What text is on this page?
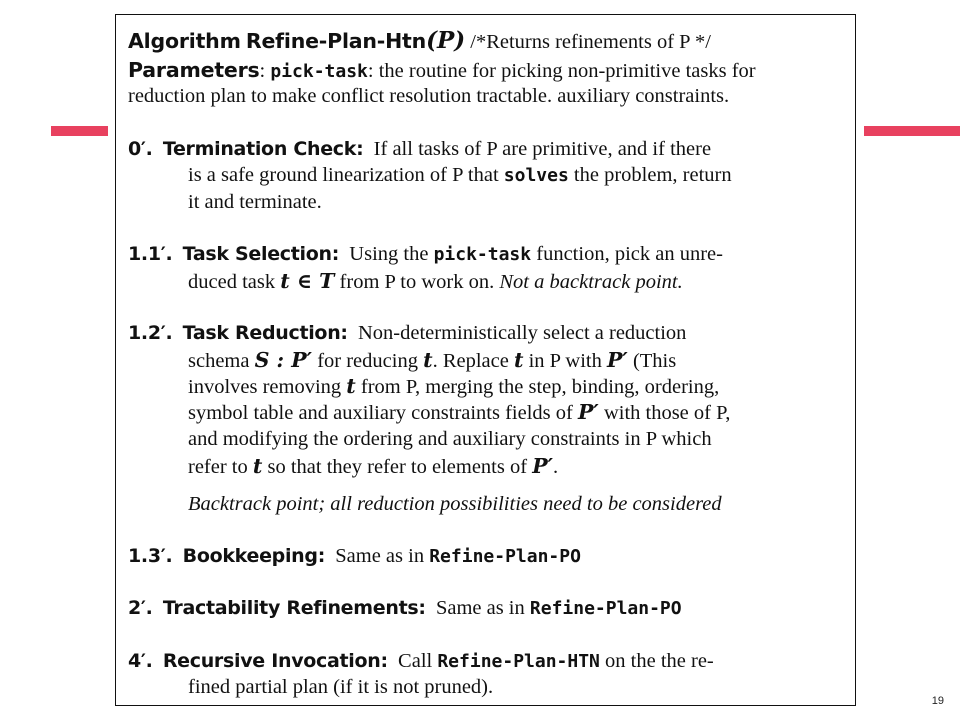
Algorithm Refine-Plan-Htn(P) /*Returns refinements of P */
Parameters: pick-task: the routine for picking non-primitive tasks for
reduction plan to make conflict resolution tractable. auxiliary constraints.
0′. Termination Check: If all tasks of P are primitive, and if there
is a safe ground linearization of P that solves the problem, return
it and terminate.
1.1′. Task Selection: Using the pick-task function, pick an unre-
duced task t ∈ T from P to work on. Not a backtrack point.
1.2′. Task Reduction: Non-deterministically select a reduction
schema S : P′ for reducing t. Replace t in P with P′ (This
involves removing t from P, merging the step, binding, ordering,
symbol table and auxiliary constraints fields of P′ with those of P,
and modifying the ordering and auxiliary constraints in P which
refer to t so that they refer to elements of P′.
Backtrack point; all reduction possibilities need to be considered
1.3′. Bookkeeping: Same as in Refine-Plan-PO
2′. Tractability Refinements: Same as in Refine-Plan-PO
4′. Recursive Invocation: Call Refine-Plan-HTN on the the re-
fined partial plan (if it is not pruned).
19
